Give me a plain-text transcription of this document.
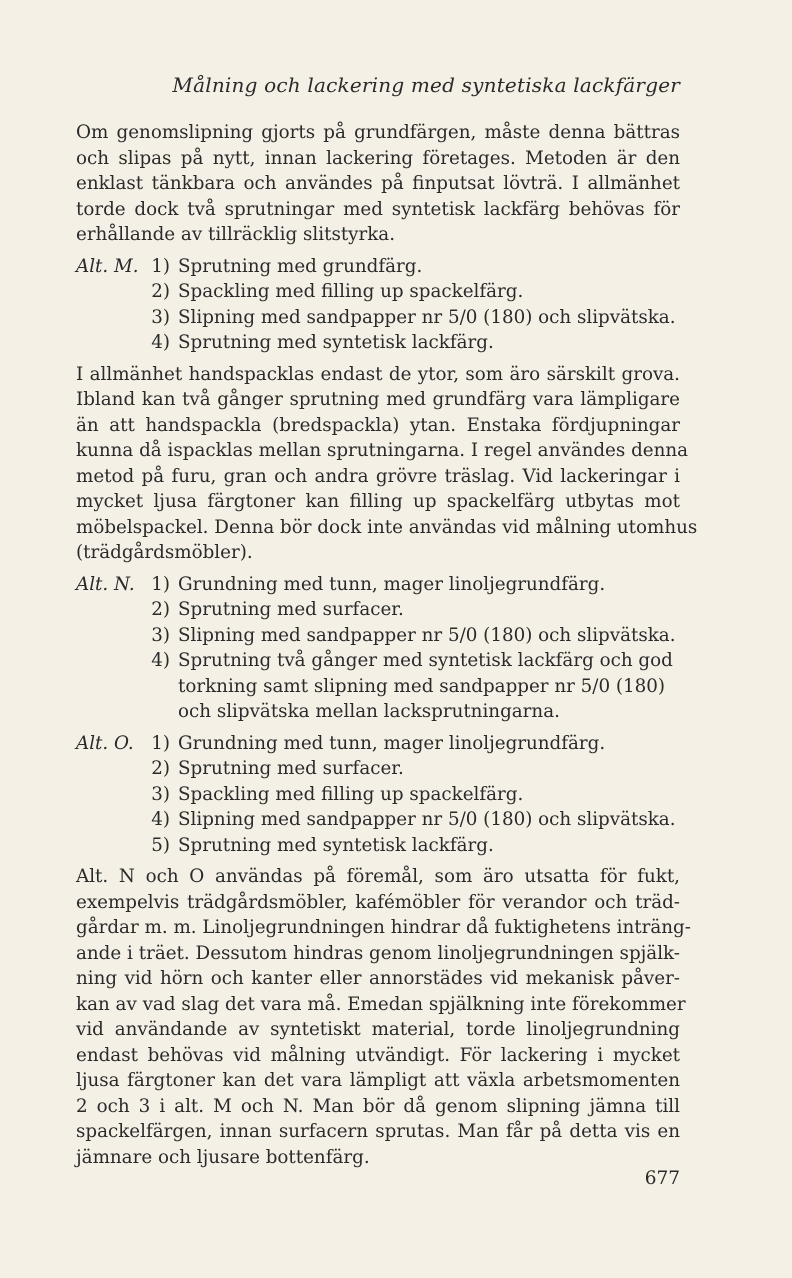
Målning och lackering med syntetiska lackfärger

Om genomslipning gjorts på grundfärgen, måste denna bättras
och slipas på nytt, innan lackering företages. Metoden är den
enklast tänkbara och användes på finputsat lövträ. I allmänhet
torde dock två sprutningar med syntetisk lackfärg behövas för
erhållande av tillräcklig slitstyrka.

Alt. M. 1) Sprutning med grundfärg.
2) Spackling med filling up spackelfärg.
3) Slipning med sandpapper nr 5/0 (180) och slipvätska.
4) Sprutning med syntetisk lackfärg.

I allmänhet handspacklas endast de ytor, som äro särskilt grova.
Ibland kan två gånger sprutning med grundfärg vara lämpligare
än att handspackla (bredspackla) ytan. Enstaka fördjupningar
kunna då ispacklas mellan sprutningarna. I regel användes denna
metod på furu, gran och andra grövre träslag. Vid lackeringar i
mycket ljusa färgtoner kan filling up spackelfärg utbytas mot
möbelspackel. Denna bör dock inte användas vid målning utomhus
(trädgårdsmöbler).

Alt. N. 1) Grundning med tunn, mager linoljegrundfärg.
2) Sprutning med surfacer.
3) Slipning med sandpapper nr 5/0 (180) och slipvätska.
4) Sprutning två gånger med syntetisk lackfärg och god
torkning samt slipning med sandpapper nr 5/0 (180)
och slipvätska mellan lacksprutningarna.
Alt. O. 1) Grundning med tunn, mager linoljegrundfärg.
2) Sprutning med surfacer.
3) Spackling med filling up spackelfärg.
4) Slipning med sandpapper nr 5/0 (180) och slipvätska.
5) Sprutning med syntetisk lackfärg.

Alt. N och O användas på föremål, som äro utsatta för fukt,
exempelvis trädgårdsmöbler, kafémöbler för verandor och träd-
gårdar m. m. Linoljegrundningen hindrar då fuktighetens inträng-
ande i träet. Dessutom hindras genom linoljegrundningen spjälk-
ning vid hörn och kanter eller annorstädes vid mekanisk påver-
kan av vad slag det vara må. Emedan spjälkning inte förekommer
vid användande av syntetiskt material, torde linoljegrundning
endast behövas vid målning utvändigt. För lackering i mycket
ljusa färgtoner kan det vara lämpligt att växla arbetsmomenten
2 och 3 i alt. M och N. Man bör då genom slipning jämna till
spackelfärgen, innan surfacern sprutas. Man får på detta vis en
jämnare och ljusare bottenfärg.

677
